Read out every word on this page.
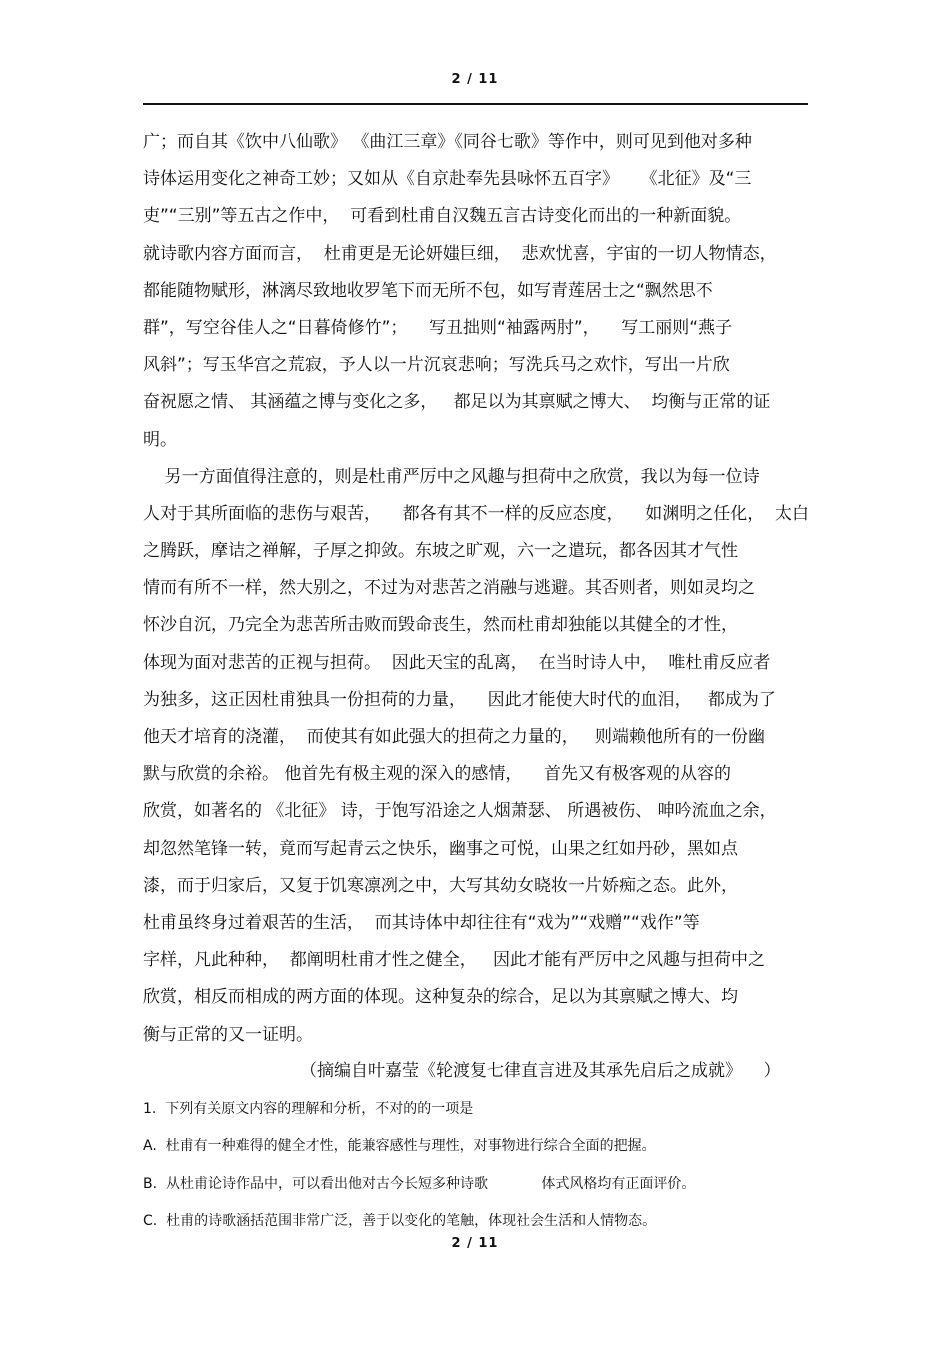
2 / 11
广；而自其《饮中八仙歌》 《曲江三章》《同谷七歌》等作中，则可见到他对多种
诗体运用变化之神奇工妙；又如从《自京赴奉先县咏怀五百字》    《北征》及“三
吏”“三别”等五古之作中，  可看到杜甫自汉魏五言古诗变化而出的一种新面貌。
就诗歌内容方面而言，  杜甫更是无论妍媸巨细，  悲欢忧喜，宇宙的一切人物情态，
都能随物赋形，淋漓尽致地收罗笔下而无所不包，如写青莲居士之“飘然思不
群”，写空谷佳人之“日暮倚修竹”；    写丑拙则“袖露两肘”，    写工丽则“燕子
风斜”；写玉华宫之荒寂，予人以一片沉哀悲响；写洗兵马之欢忭，写出一片欣
奋祝愿之情、 其涵蕴之博与变化之多，   都足以为其禀赋之博大、  均衡与正常的证
明。
另一方面值得注意的，则是杜甫严厉中之风趣与担荷中之欣赏，我以为每一位诗
人对于其所面临的悲伤与艰苦，    都各有其不一样的反应态度，    如渊明之任化，  太白
之腾跃，摩诘之禅解，子厚之抑敛。东坡之旷观，六一之遣玩，都各因其才气性
情而有所不一样，然大别之，不过为对悲苦之消融与逃避。其否则者，则如灵均之
怀沙自沉，乃完全为悲苦所击败而毁命丧生，然而杜甫却独能以其健全的才性，
体现为面对悲苦的正视与担荷。  因此天宝的乱离，  在当时诗人中，  唯杜甫反应者
为独多，这正因杜甫独具一份担荷的力量，    因此才能使大时代的血泪，   都成为了
他天才培育的浇灌，  而使其有如此强大的担荷之力量的，   则端赖他所有的一份幽
默与欣赏的余裕。 他首先有极主观的深入的感情，    首先又有极客观的从容的
欣赏，如著名的 《北征》 诗，于饱写沿途之人烟萧瑟、 所遇被伤、 呻吟流血之余，
却忽然笔锋一转，竟而写起青云之快乐，幽事之可悦，山果之红如丹砂，黑如点
漆，而于归家后，又复于饥寒凛冽之中，大写其幼女晓妆一片娇痴之态。此外，
杜甫虽终身过着艰苦的生活，  而其诗体中却往往有“戏为”“戏赠”“戏作”等
字样，凡此种种，  都阐明杜甫才性之健全，   因此才能有严厉中之风趣与担荷中之
欣赏，相反而相成的两方面的体现。这种复杂的综合，足以为其禀赋之博大、均
衡与正常的又一证明。
（摘编自叶嘉莹《轮渡复七律直言进及其承先启后之成就》    ）
1.  下列有关原文内容的理解和分析，不对的的一项是
A.  杜甫有一种难得的健全才性，能兼容感性与理性，对事物进行综合全面的把握。
B.  从杜甫论诗作品中，可以看出他对古今长短多种诗歌            体式风格均有正面评价。
C.  杜甫的诗歌涵括范围非常广泛，善于以变化的笔触，体现社会生活和人情物态。
2 / 11
